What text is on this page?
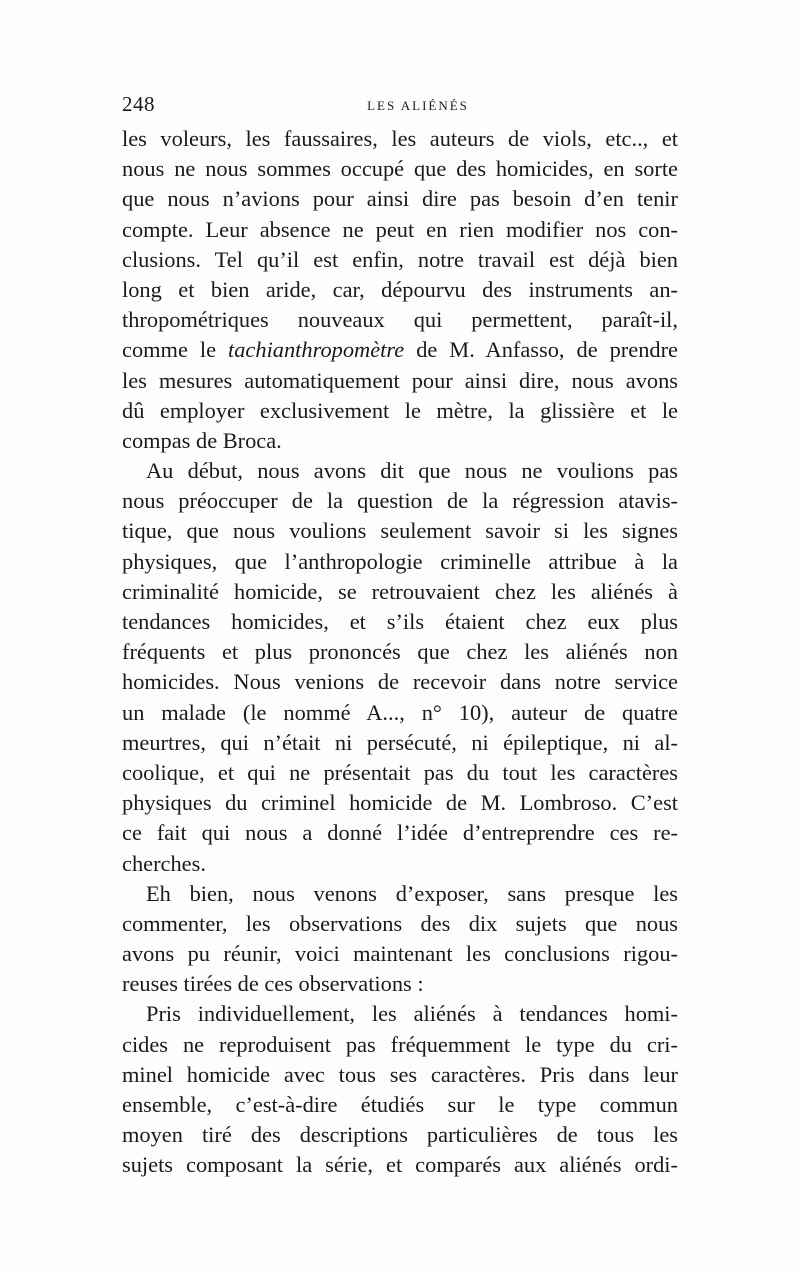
248	LES ALIÉNÉS
les voleurs, les faussaires, les auteurs de viols, etc.., et
nous ne nous sommes occupé que des homicides, en sorte
que nous n’avions pour ainsi dire pas besoin d’en tenir
compte. Leur absence ne peut en rien modifier nos con-
clusions. Tel qu’il est enfin, notre travail est déjà bien
long et bien aride, car, dépourvu des instruments an-
thropométriques nouveaux qui permettent, paraît-il,
comme le tachianthropomètre de M. Anfasso, de prendre
les mesures automatiquement pour ainsi dire, nous avons
dû employer exclusivement le mètre, la glissière et le
compas de Broca.
Au début, nous avons dit que nous ne voulions pas
nous préoccuper de la question de la régression atavis-
tique, que nous voulions seulement savoir si les signes
physiques, que l’anthropologie criminelle attribue à la
criminalité homicide, se retrouvaient chez les aliénés à
tendances homicides, et s’ils étaient chez eux plus
fréquents et plus prononcés que chez les aliénés non
homicides. Nous venions de recevoir dans notre service
un malade (le nommé A..., n° 10), auteur de quatre
meurtres, qui n’était ni persécuté, ni épileptique, ni al-
coolique, et qui ne présentait pas du tout les caractères
physiques du criminel homicide de M. Lombroso. C’est
ce fait qui nous a donné l’idée d’entreprendre ces re-
cherches.
Eh bien, nous venons d’exposer, sans presque les
commenter, les observations des dix sujets que nous
avons pu réunir, voici maintenant les conclusions rigou-
reuses tirées de ces observations :
Pris individuellement, les aliénés à tendances homi-
cides ne reproduisent pas fréquemment le type du cri-
minel homicide avec tous ses caractères. Pris dans leur
ensemble, c’est-à-dire étudiés sur le type commun
moyen tiré des descriptions particulières de tous les
sujets composant la série, et comparés aux aliénés ordi-
